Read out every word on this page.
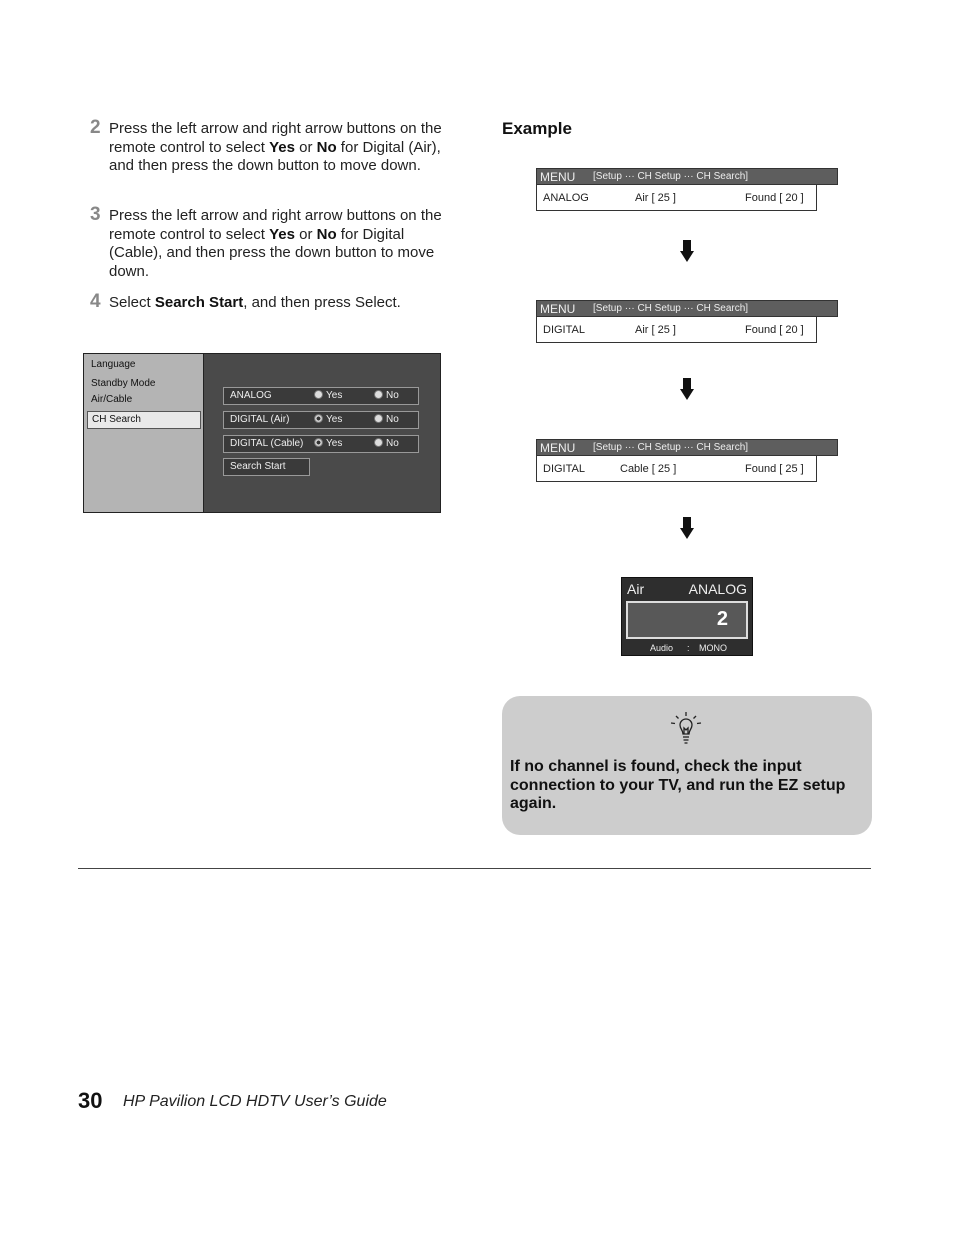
2 Press the left arrow and right arrow buttons on the remote control to select Yes or No for Digital (Air), and then press the down button to move down.
3 Press the left arrow and right arrow buttons on the remote control to select Yes or No for Digital (Cable), and then press the down button to move down.
4 Select Search Start, and then press Select.
Language
Standby Mode
Air/Cable
CH Search
ANALOG	Yes	No
DIGITAL (Air)	Yes	No
DIGITAL (Cable)	Yes	No
Search Start
Example
MENU [Setup ··· CH Setup ··· CH Search]
ANALOG	Air [ 25 ]	Found [ 20 ]
MENU [Setup ··· CH Setup ··· CH Search]
DIGITAL	Air [ 25 ]	Found [ 20 ]
MENU [Setup ··· CH Setup ··· CH Search]
DIGITAL	Cable [ 25 ]	Found [ 25 ]
Air	ANALOG
2
Audio : MONO
If no channel is found, check the input connection to your TV, and run the EZ setup again.
30 HP Pavilion LCD HDTV User’s Guide
